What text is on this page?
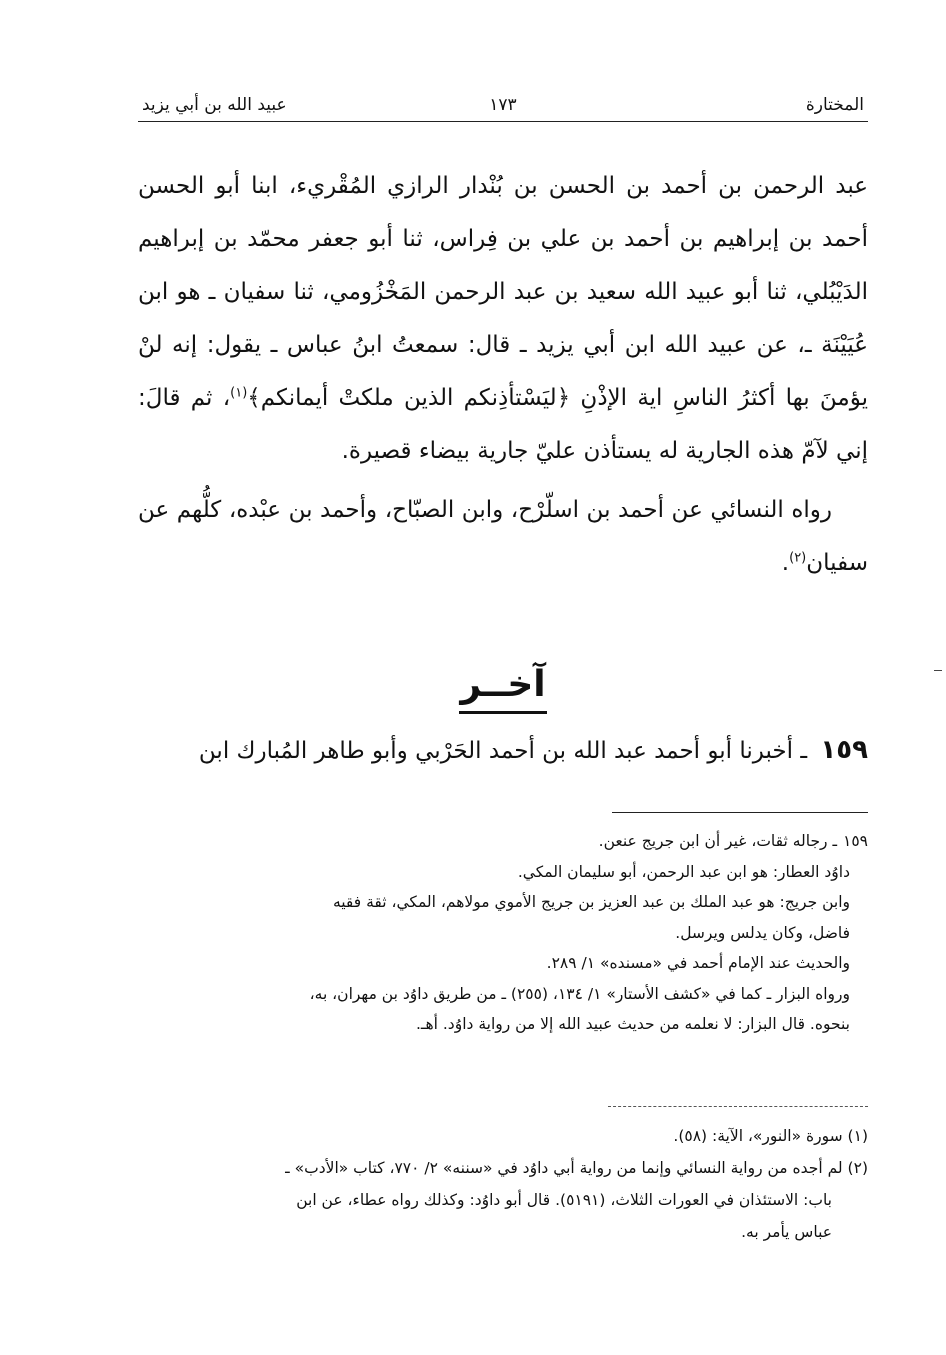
المختارة
١٧٣
عبيد الله بن أبي يزيد

عبد الرحمن بن أحمد بن الحسن بن بُنْدار الرازي المُقْريء، ابنا أبو الحسن أحمد بن إبراهيم بن أحمد بن علي بن فِراس، ثنا أبو جعفر محمّد بن إبراهيم الدَيْبُلي، ثنا أبو عبيد الله سعيد بن عبد الرحمن المَخْزُومي، ثنا سفيان ـ هو ابن عُيَيْنَة ـ، عن عبيد الله ابن أبي يزيد ـ قال: سمعتُ ابنُ عباس ـ يقول: إنه لنْ يؤمنَ بها أكثرُ الناسِ اية الإذْنِ ﴿ليَسْتأذِنكم الذين ملكتْ أيمانكم﴾$^{(١)}$، ثم قالَ: إني لآمّ هذه الجارية له يستأذن عليّ جارية بيضاء قصيرة.

رواه النسائي عن أحمد بن اسلّرْح، وابن الصبّاح، وأحمد بن عبْده، كلُّهم عن سفيان$^{(٢)}$.

آخــر
١٥٩ ـ أخبرنا أبو أحمد عبد الله بن أحمد الحَرْبي وأبو طاهر المُبارك ابن
١٥٩ـ رجاله ثقات، غير أن ابن جريج عنعن.
داوُد العطار: هو ابن عبد الرحمن، أبو سليمان المكي.
وابن جريج: هو عبد الملك بن عبد العزيز بن جريج الأموي مولاهم، المكي، ثقة فقيه
فاضل، وكان يدلس ويرسل.
والحديث عند الإمام أحمد في «مسنده» ١/ ٢٨٩.
ورواه البزار ـ كما في «كشف الأستار» ١/ ١٣٤، (٢٥٥) ـ من طريق داوُد بن مهران، به،
بنحوه. قال البزار: لا نعلمه من حديث عبيد الله إلا من رواية داوُد. أهـ.
(١) سورة «النور»، الآية: (٥٨).
(٢) لم أجده من رواية النسائي وإنما من رواية أبي داوُد في «سننه» ٢/ ٧٧٠، كتاب «الأدب» ـ
باب: الاستئذان في العورات الثلاث، (٥١٩١). قال أبو داوُد: وكذلك رواه عطاء، عن ابن
عباس يأمر به.
